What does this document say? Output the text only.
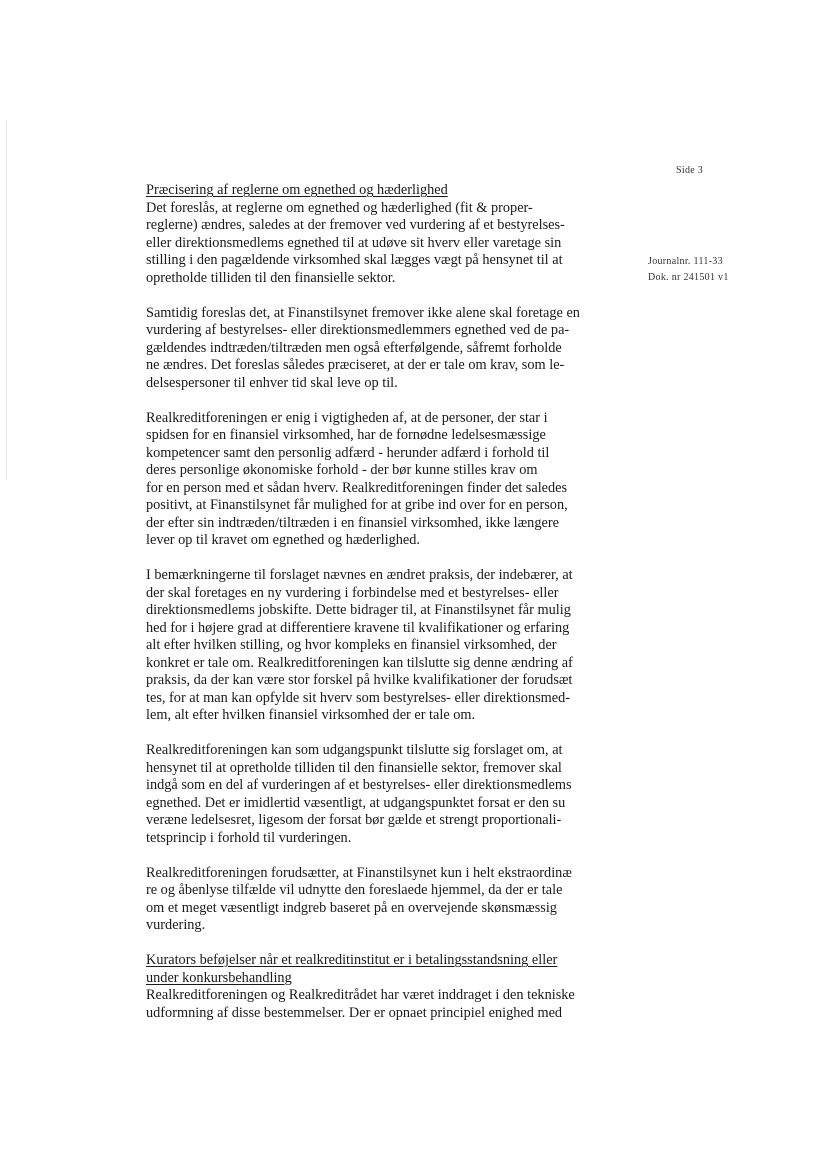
Side 3
Journalnr. 111-33
Dok. nr 241501 v1
Præcisering af reglerne om egnethed og hæderlighed
Det foreslås, at reglerne om egnethed og hæderlighed (fit & proper-
reglerne) ændres, saledes at der fremover ved vurdering af et bestyrelses-
eller direktionsmedlems egnethed til at udøve sit hverv eller varetage sin
stilling i den pagældende virksomhed skal lægges vægt på hensynet til at
opretholde tilliden til den finansielle sektor.
Samtidig foreslas det, at Finanstilsynet fremover ikke alene skal foretage en
vurdering af bestyrelses- eller direktionsmedlemmers egnethed ved de pa-
gældendes indtræden/tiltræden men også efterfølgende, såfremt forholde
ne ændres. Det foreslas således præciseret, at der er tale om krav, som le-
delsespersoner til enhver tid skal leve op til.
Realkreditforeningen er enig i vigtigheden af, at de personer, der star i
spidsen for en finansiel virksomhed, har de fornødne ledelsesmæssige
kompetencer samt den personlig adfærd - herunder adfærd i forhold til
deres personlige økonomiske forhold - der bør kunne stilles krav om
for en person med et sådan hverv. Realkreditforeningen finder det saledes
positivt, at Finanstilsynet får mulighed for at gribe ind over for en person,
der efter sin indtræden/tiltræden i en finansiel virksomhed, ikke længere
lever op til kravet om egnethed og hæderlighed.
I bemærkningerne til forslaget nævnes en ændret praksis, der indebærer, at
der skal foretages en ny vurdering i forbindelse med et bestyrelses- eller
direktionsmedlems jobskifte. Dette bidrager til, at Finanstilsynet får mulig
hed for i højere grad at differentiere kravene til kvalifikationer og erfaring
alt efter hvilken stilling, og hvor kompleks en finansiel virksomhed, der
konkret er tale om. Realkreditforeningen kan tilslutte sig denne ændring af
praksis, da der kan være stor forskel på hvilke kvalifikationer der forudsæt
tes, for at man kan opfylde sit hverv som bestyrelses- eller direktionsmed-
lem, alt efter hvilken finansiel virksomhed der er tale om.
Realkreditforeningen kan som udgangspunkt tilslutte sig forslaget om, at
hensynet til at opretholde tilliden til den finansielle sektor, fremover skal
indgå som en del af vurderingen af et bestyrelses- eller direktionsmedlems
egnethed. Det er imidlertid væsentligt, at udgangspunktet forsat er den su
veræne ledelsesret, ligesom der forsat bør gælde et strengt proportionali-
tetsprincip i forhold til vurderingen.
Realkreditforeningen forudsætter, at Finanstilsynet kun i helt ekstraordinæ
re og åbenlyse tilfælde vil udnytte den foreslaede hjemmel, da der er tale
om et meget væsentligt indgreb baseret på en overvejende skønsmæssig
vurdering.
Kurators beføjelser når et realkreditinstitut er i betalingsstandsning eller
under konkursbehandling
Realkreditforeningen og Realkreditrådet har været inddraget i den tekniske
udformning af disse bestemmelser. Der er opnaet principiel enighed med
